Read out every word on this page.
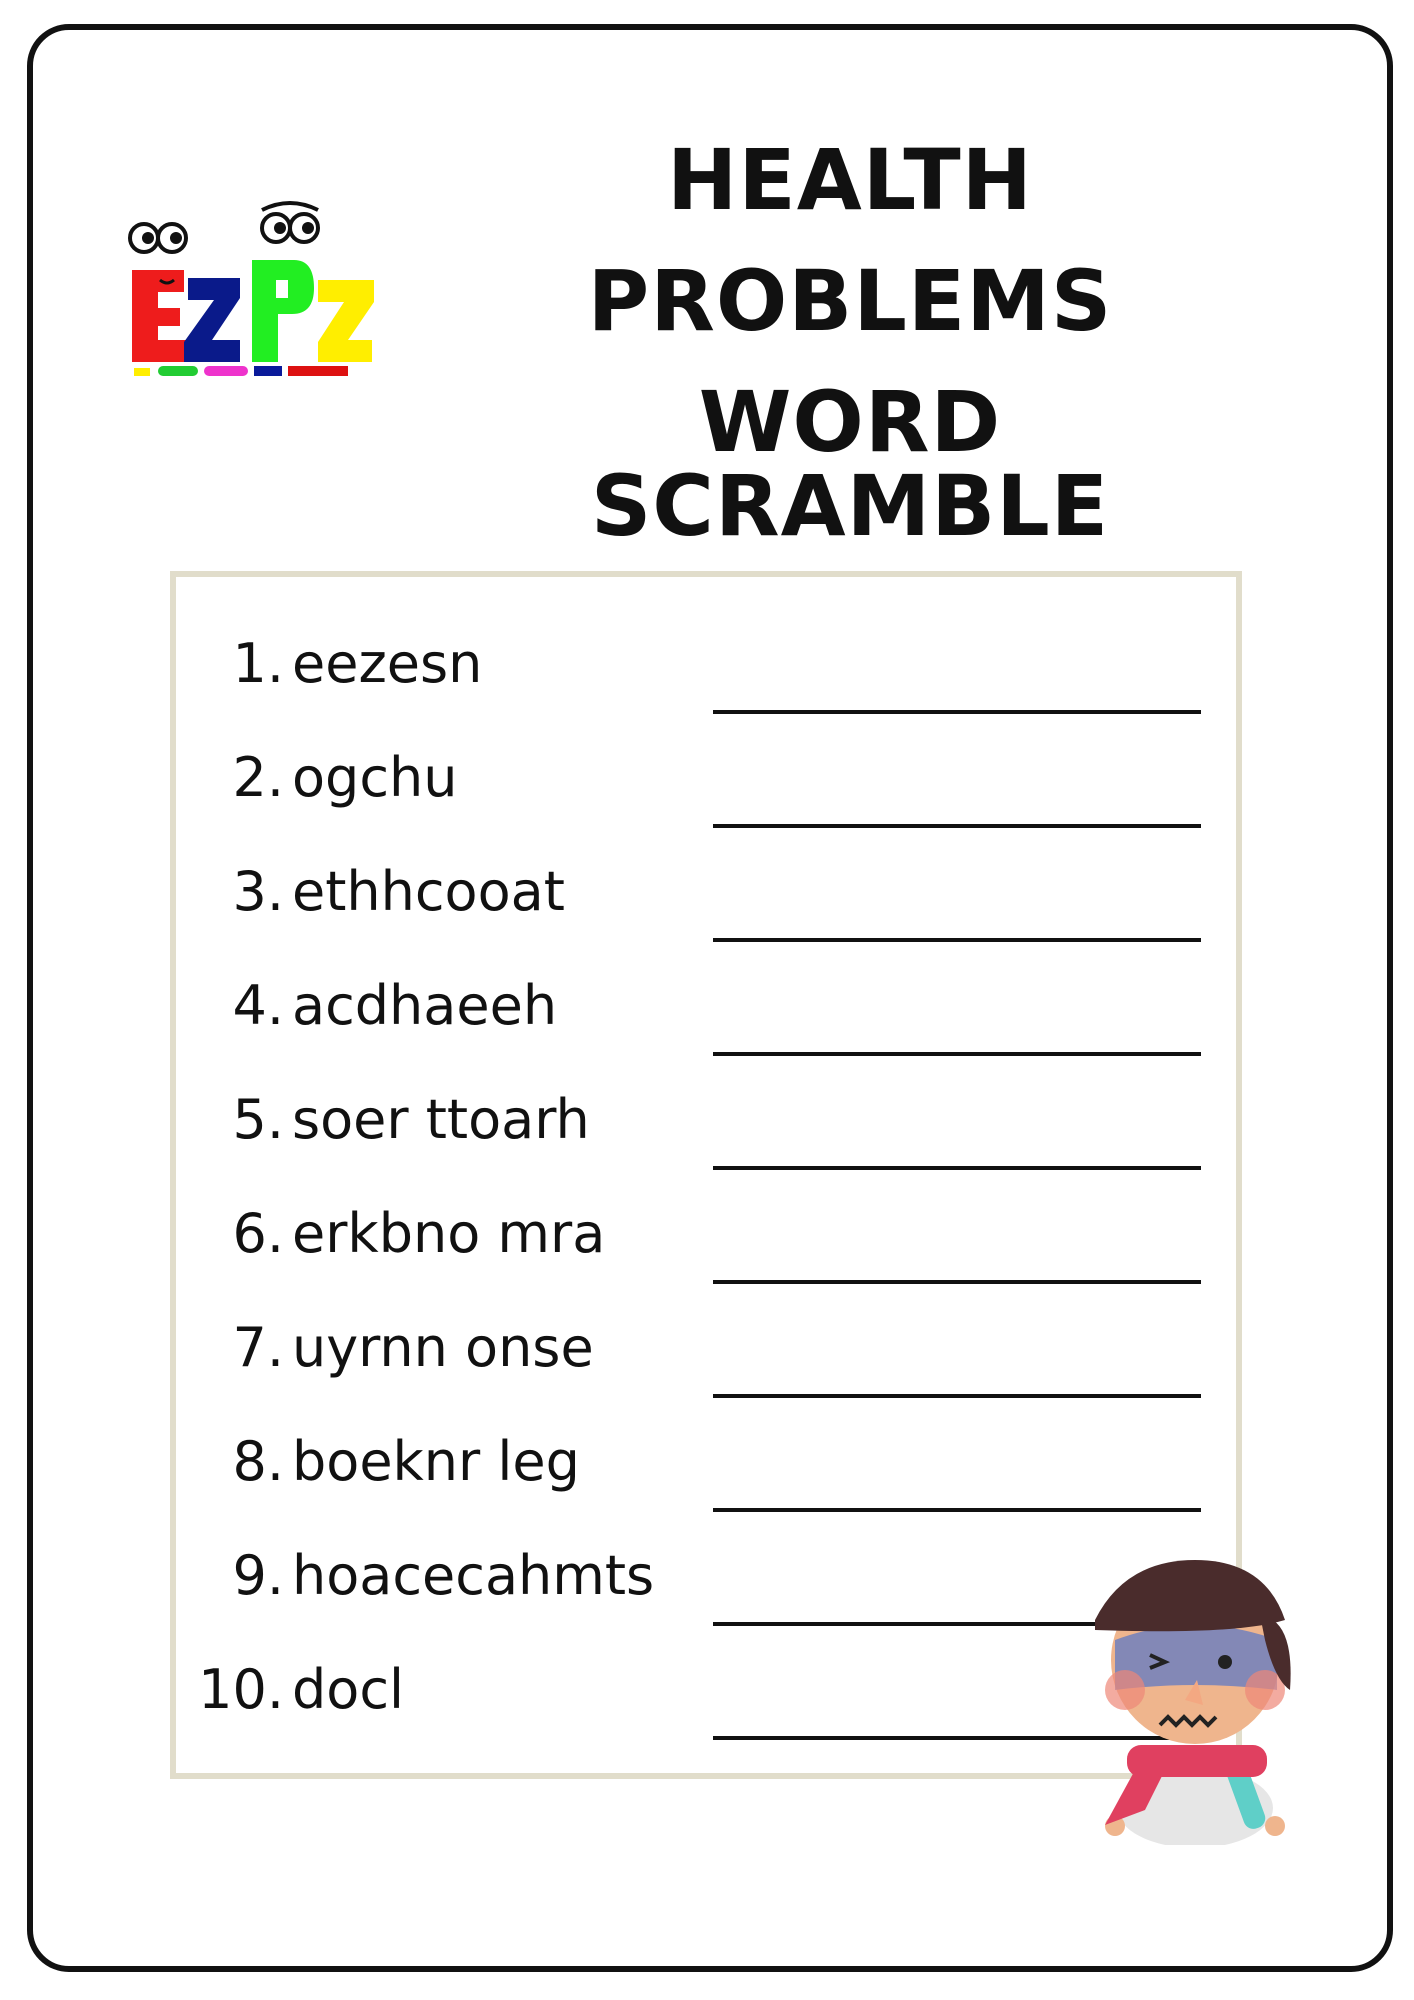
HEALTH
PROBLEMS
WORD SCRAMBLE
1. eezesn
2. ogchu
3. ethhcooat
4. acdhaeeh
5. soer ttoarh
6. erkbno mra
7. uyrnn onse
8. boeknr leg
9. hoacecahmts
10. docl
